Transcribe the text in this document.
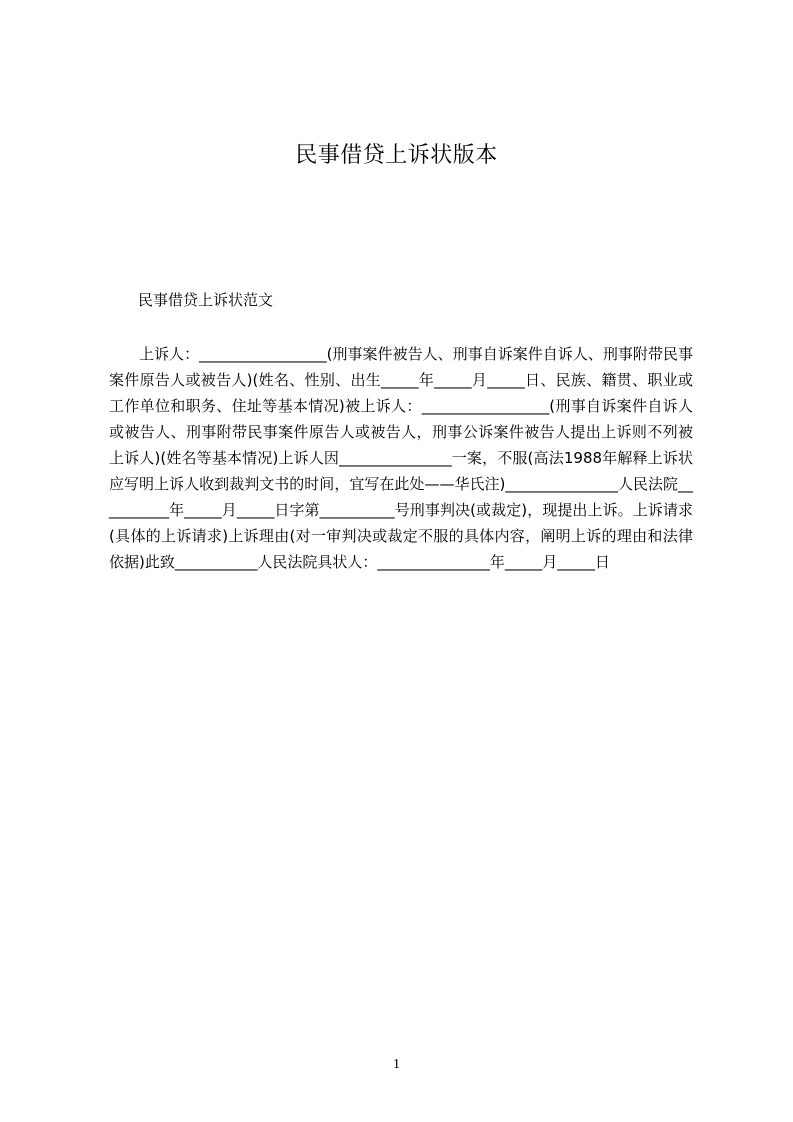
民事借贷上诉状版本
民事借贷上诉状范文

上诉人：_________________(刑事案件被告人、刑事自诉案件自诉人、刑事附带民事案件原告人或被告人)(姓名、性别、出生_____年_____月_____日、民族、籍贯、职业或工作单位和职务、住址等基本情况)被上诉人：_________________(刑事自诉案件自诉人或被告人、刑事附带民事案件原告人或被告人，刑事公诉案件被告人提出上诉则不列被上诉人)(姓名等基本情况)上诉人因_______________一案，不服(高法1988年解释上诉状应写明上诉人收到裁判文书的时间，宜写在此处——华氏注)_______________人民法院__________年_____月_____日字第__________号刑事判决(或裁定)，现提出上诉。上诉请求(具体的上诉请求)上诉理由(对一审判决或裁定不服的具体内容，阐明上诉的理由和法律依据)此致___________人民法院具状人：_______________年_____月_____日

1
